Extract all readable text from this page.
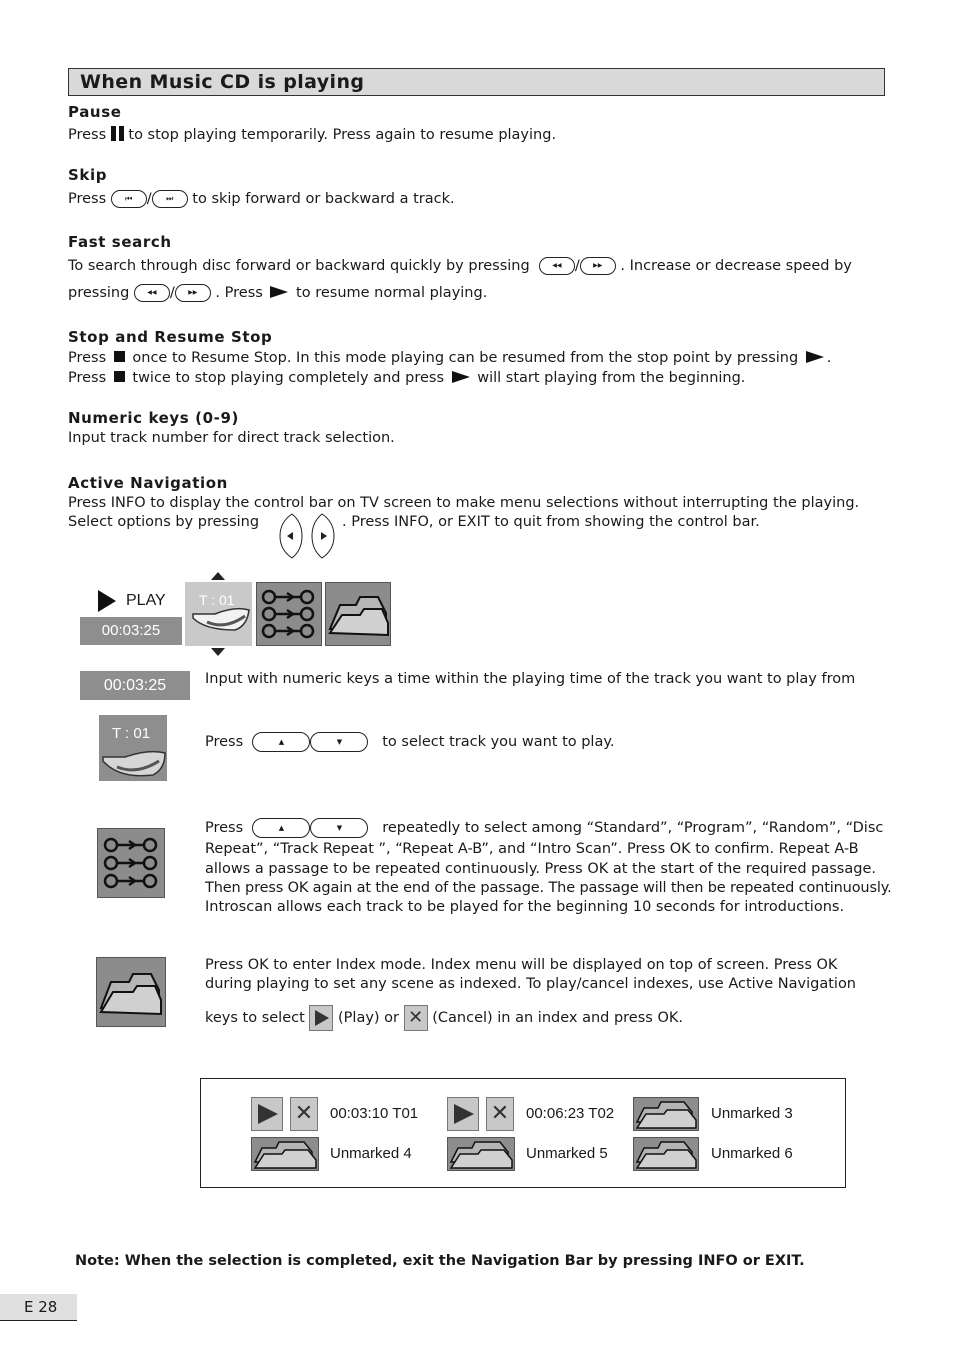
When Music CD is playing
Pause
Press to stop playing temporarily. Press again to resume playing.
Skip
Press ⏮	/ ⏭	to skip forward or backward a track.
Fast search
To search through disc forward or backward quickly by pressing ◀◀	/ ▶▶	. Increase or decrease speed by
pressing ◀◀	/ ▶▶	. Press to resume normal playing.
Stop and Resume Stop
Press once to Resume Stop. In this mode playing can be resumed from the stop point by pressing .
Press twice to stop playing completely and press will start playing from the beginning.
Numeric keys (0-9)
Input track number for direct track selection.
Active Navigation
Press INFO to display the control bar on TV screen to make menu selections without interrupting the playing.
Select options by pressing	. Press INFO, or EXIT to quit from showing the control bar.
PLAY
00:03:25
T : 01
00:03:25	Input with numeric keys a time within the playing time of the track you want to play from
T : 01	Press ▲ ▼	to select track you want to play.
Press ▲ ▼	repeatedly to select among “Standard”, “Program”, “Random”, “Disc
Repeat”, “Track Repeat ”, “Repeat A-B”, and “Intro Scan”. Press OK to confirm. Repeat A-B
allows a passage to be repeated continuously. Press OK at the start of the required passage.
Then press OK again at the end of the passage. The passage will then be repeated continuously.
Introscan allows each track to be played for the beginning 10 seconds for introductions.
Press OK to enter Index mode. Index menu will be displayed on top of screen. Press OK
during playing to set any scene as indexed. To play/cancel indexes, use Active Navigation
keys to select (Play) or ✕ (Cancel) in an index and press OK.
✕	00:03:10 T01	✕	00:06:23 T02	Unmarked 3
Unmarked 4	Unmarked 5	Unmarked 6
Note: When the selection is completed, exit the Navigation Bar by pressing INFO or EXIT.
E 28
